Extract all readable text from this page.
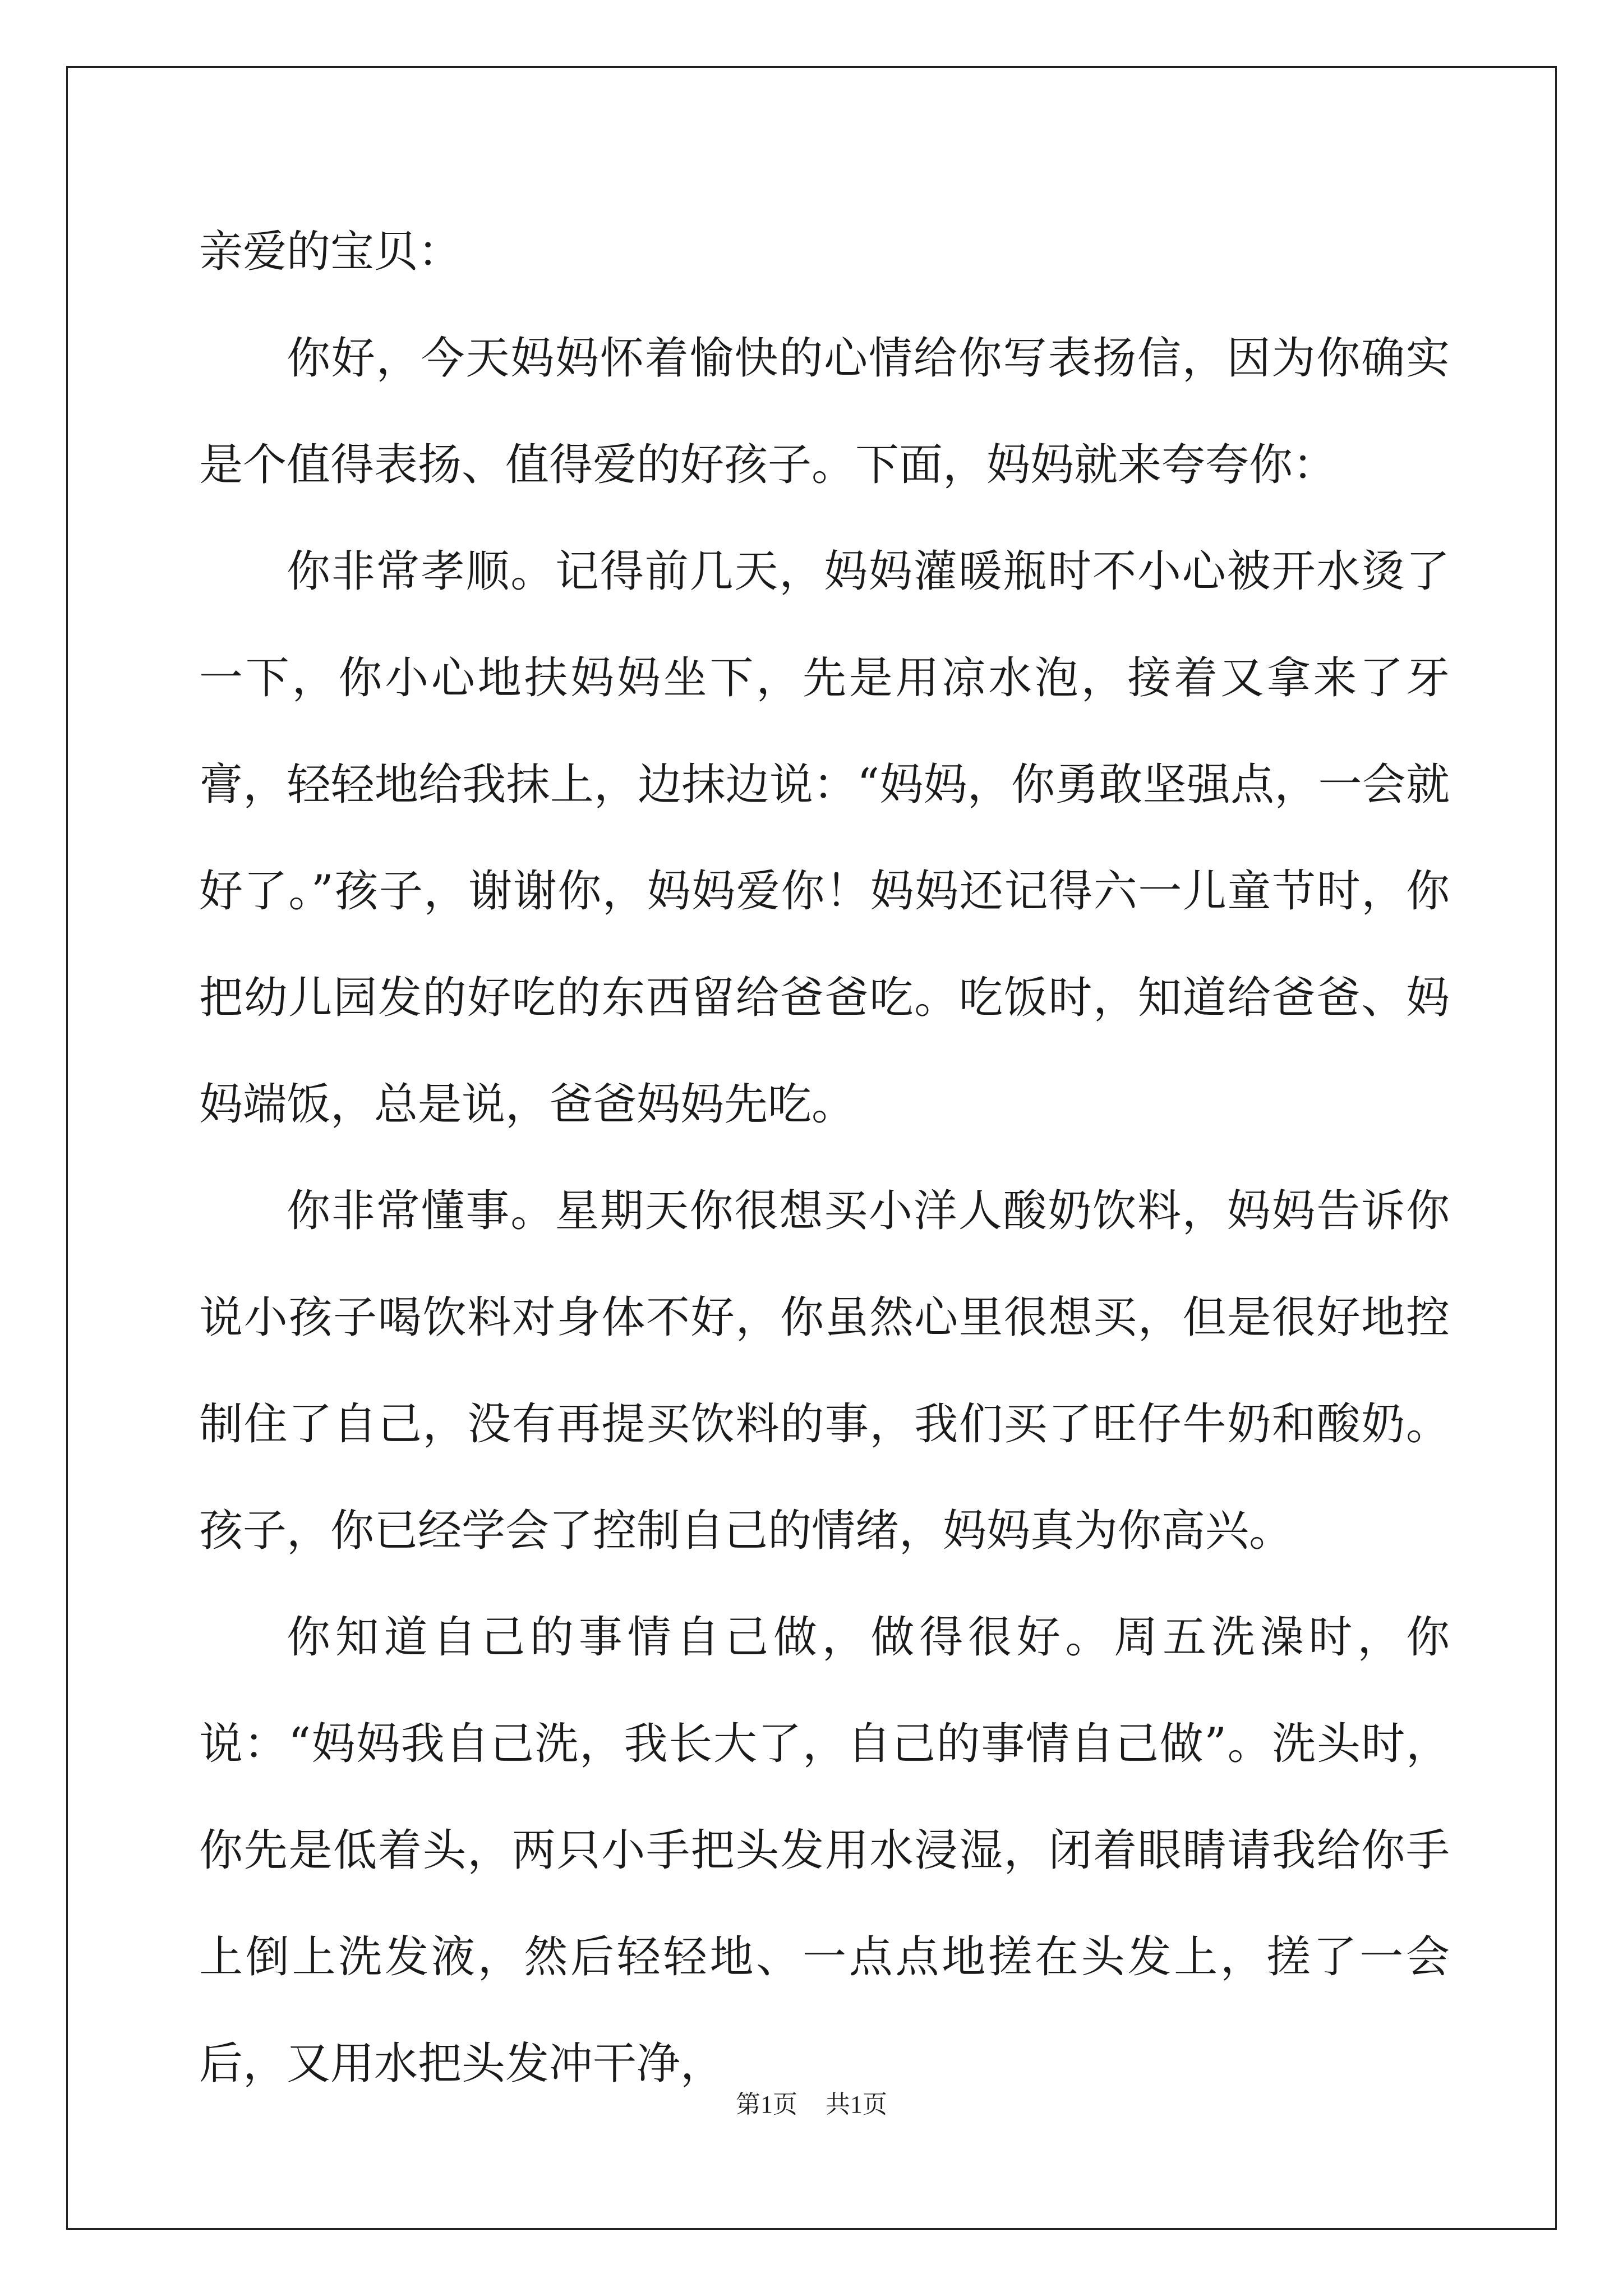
亲爱的宝贝：

你好，今天妈妈怀着愉快的心情给你写表扬信，因为你确实是个值得表扬、值得爱的好孩子。下面，妈妈就来夸夸你：

你非常孝顺。记得前几天，妈妈灌暖瓶时不小心被开水烫了一下，你小心地扶妈妈坐下，先是用凉水泡，接着又拿来了牙膏，轻轻地给我抹上，边抹边说：“妈妈，你勇敢坚强点，一会就好了。”孩子，谢谢你，妈妈爱你！妈妈还记得六一儿童节时，你把幼儿园发的好吃的东西留给爸爸吃。吃饭时，知道给爸爸、妈妈端饭，总是说，爸爸妈妈先吃。

你非常懂事。星期天你很想买小洋人酸奶饮料，妈妈告诉你说小孩子喝饮料对身体不好，你虽然心里很想买，但是很好地控制住了自己，没有再提买饮料的事，我们买了旺仔牛奶和酸奶。孩子，你已经学会了控制自己的情绪，妈妈真为你高兴。

你知道自己的事情自己做，做得很好。周五洗澡时，你说：“妈妈我自己洗，我长大了，自己的事情自己做”。洗头时，你先是低着头，两只小手把头发用水浸湿，闭着眼睛请我给你手上倒上洗发液，然后轻轻地、一点点地搓在头发上，搓了一会后，又用水把头发冲干净，

第1页 共1页
